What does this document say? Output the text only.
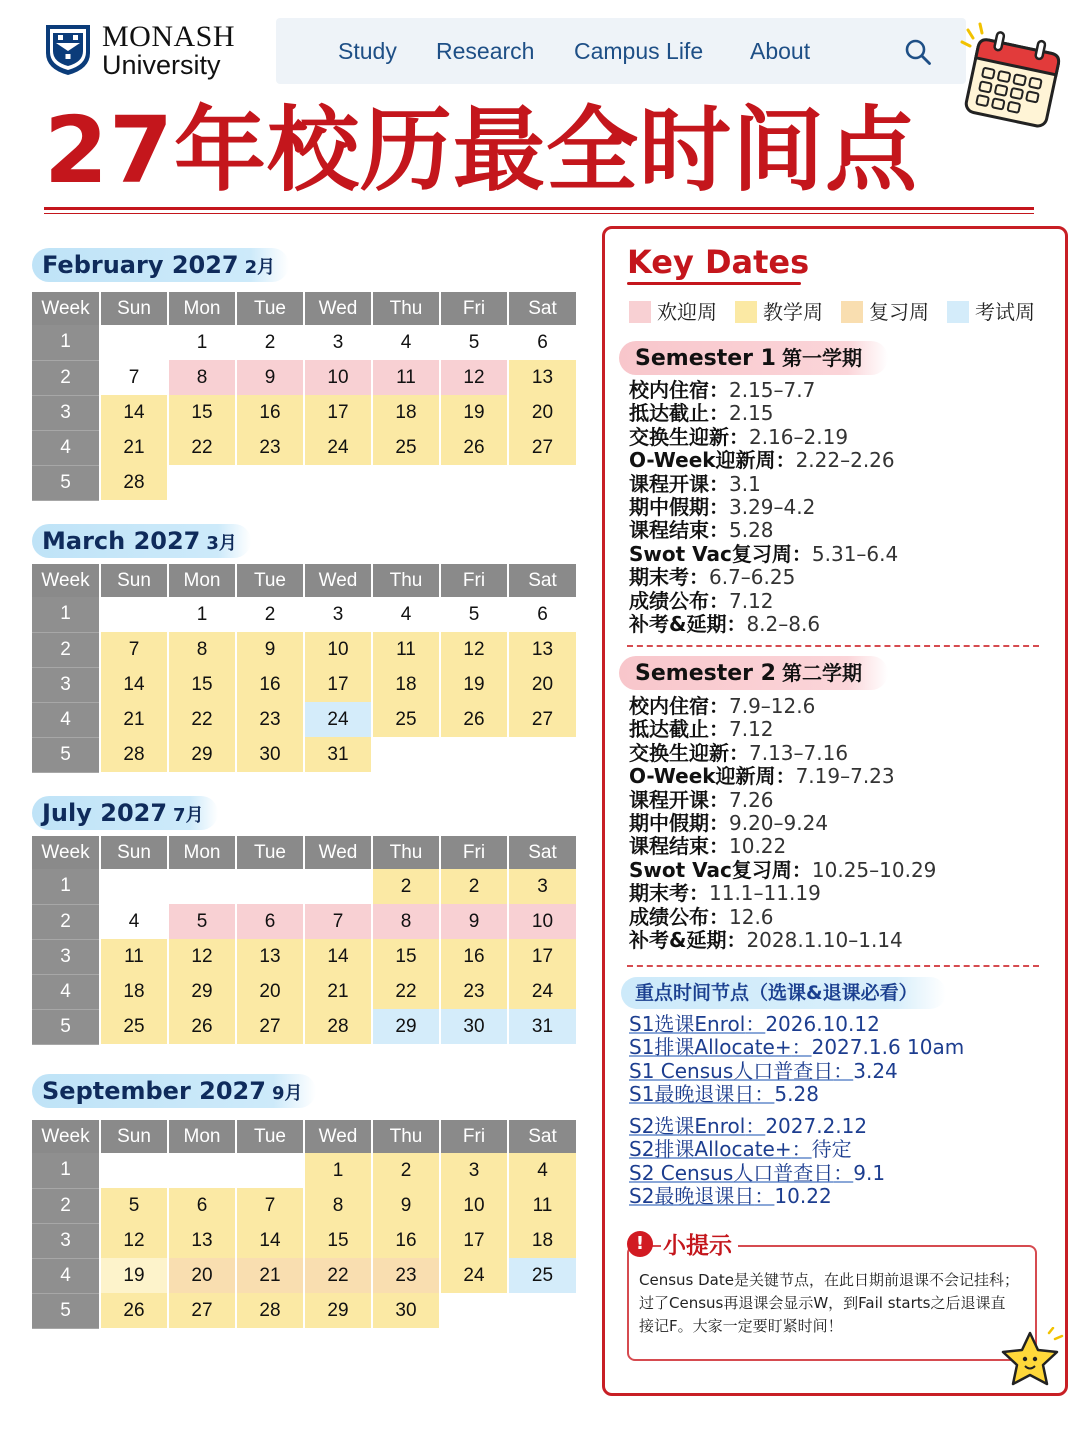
MONASH
University	Study Research Campus Life About
27年校历最全时间点
February 2027 2月
Week	Sun	Mon	Tue	Wed	Thu	Fri	Sat
1		1	2	3	4	5	6
2	7	8	9	10	11	12	13
3	14	15	16	17	18	19	20
4	21	22	23	24	25	26	27
5	28						
March 2027 3月
Week	Sun	Mon	Tue	Wed	Thu	Fri	Sat
1		1	2	3	4	5	6
2	7	8	9	10	11	12	13
3	14	15	16	17	18	19	20
4	21	22	23	24	25	26	27
5	28	29	30	31			
July 2027 7月
Week	Sun	Mon	Tue	Wed	Thu	Fri	Sat
1					2	2	3
2	4	5	6	7	8	9	10
3	11	12	13	14	15	16	17
4	18	29	20	21	22	23	24
5	25	26	27	28	29	30	31
September 2027 9月
Week	Sun	Mon	Tue	Wed	Thu	Fri	Sat
1				1	2	3	4
2	5	6	7	8	9	10	11
3	12	13	14	15	16	17	18
4	19	20	21	22	23	24	25
5	26	27	28	29	30		
Key Dates
欢迎周 教学周 复习周 考试周
Semester 1 第一学期
校内住宿：2.15–7.7
抵达截止：2.15
交换生迎新：2.16–2.19
O-Week迎新周：2.22–2.26
课程开课：3.1
期中假期：3.29–4.2
课程结束：5.28
Swot Vac复习周：5.31–6.4
期末考：6.7–6.25
成绩公布：7.12
补考&延期：8.2–8.6
Semester 2 第二学期
校内住宿：7.9–12.6
抵达截止：7.12
交换生迎新：7.13–7.16
O-Week迎新周：7.19–7.23
课程开课：7.26
期中假期：9.20–9.24
课程结束：10.22
Swot Vac复习周：10.25–10.29
期末考：11.1–11.19
成绩公布：12.6
补考&延期：2028.1.10–1.14
重点时间节点（选课&退课必看）
S1选课Enrol：2026.10.12
S1排课Allocate+：2027.1.6 10am
S1 Census人口普查日：3.24
S1最晚退课日：5.28
S2选课Enrol：2027.2.12
S2排课Allocate+：待定
S2 Census人口普查日：9.1
S2最晚退课日：10.22
Census Date是关键节点，在此日期前退课不会记挂科；过了Census再退课会显示W，到Fail starts之后退课直接记F。大家一定要盯紧时间！
! 小提示
